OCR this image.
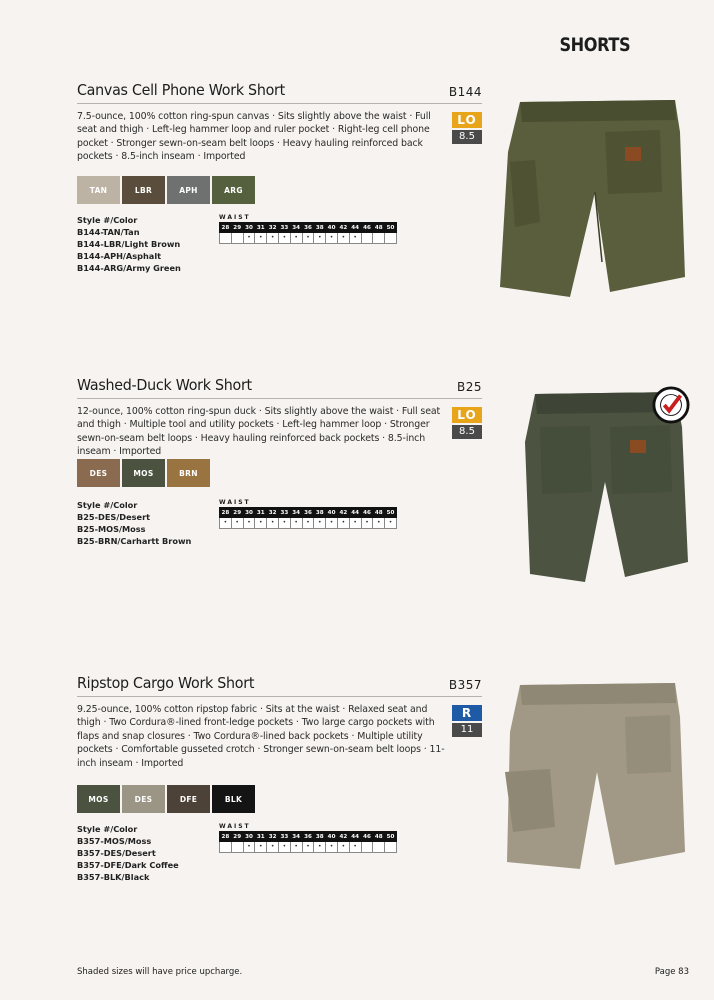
SHORTS
Canvas Cell Phone Work Short	B144
7.5-ounce, 100% cotton ring-spun canvas · Sits slightly above the waist · Full seat and thigh · Left-leg hammer loop and ruler pocket · Right-leg cell phone pocket · Stronger sewn-on-seam belt loops · Heavy hauling reinforced back pockets · 8.5-inch inseam · Imported
LO
8.5
TAN	LBR	APH	ARG
Style #/Color
B144-TAN/Tan
B144-LBR/Light Brown
B144-APH/Asphalt
B144-ARG/Army Green
WAIST
28	29	30	31	32	33	34	36	38	40	42	44	46	48	50
		•	•	•	•	•	•	•	•	•	•			
Washed-Duck Work Short	B25
12-ounce, 100% cotton ring-spun duck · Sits slightly above the waist · Full seat and thigh · Multiple tool and utility pockets · Left-leg hammer loop · Stronger sewn-on-seam belt loops · Heavy hauling reinforced back pockets · 8.5-inch inseam · Imported
LO
8.5
DES	MOS	BRN
Style #/Color
B25-DES/Desert
B25-MOS/Moss
B25-BRN/Carhartt Brown
WAIST
28	29	30	31	32	33	34	36	38	40	42	44	46	48	50
•	•	•	•	•	•	•	•	•	•	•	•	•	•	•
Ripstop Cargo Work Short	B357
9.25-ounce, 100% cotton ripstop fabric · Sits at the waist · Relaxed seat and thigh · Two Cordura®-lined front-ledge pockets · Two large cargo pockets with flaps and snap closures · Two Cordura®-lined back pockets · Multiple utility pockets · Comfortable gusseted crotch · Stronger sewn-on-seam belt loops · 11-inch inseam · Imported
R
11
MOS	DES	DFE	BLK
Style #/Color
B357-MOS/Moss
B357-DES/Desert
B357-DFE/Dark Coffee
B357-BLK/Black
WAIST
28	29	30	31	32	33	34	36	38	40	42	44	46	48	50
		•	•	•	•	•	•	•	•	•	•			
Shaded sizes will have price upcharge.	Page 83
